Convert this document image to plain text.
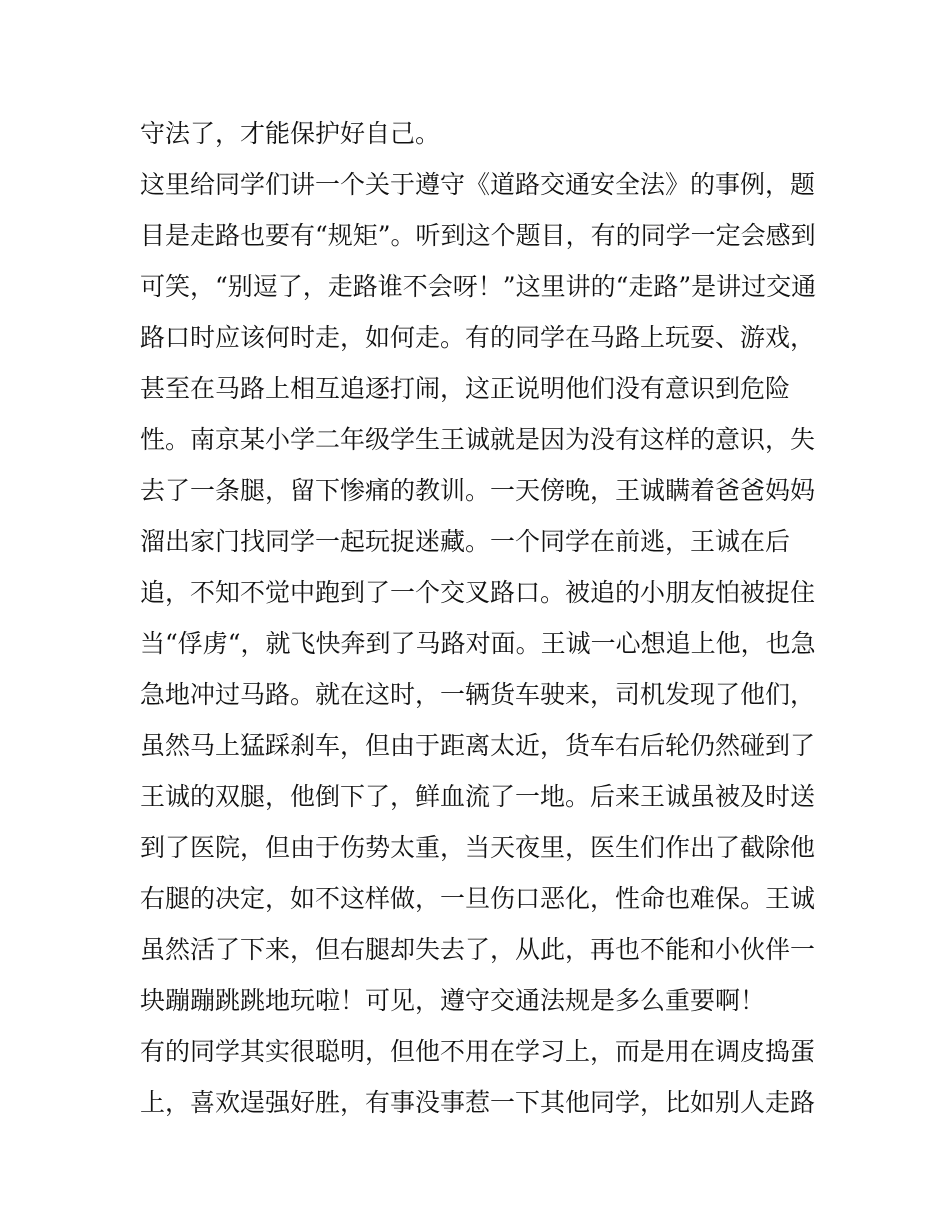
守法了，才能保护好自己。
这里给同学们讲一个关于遵守《道路交通安全法》的事例，题
目是走路也要有“规矩”。听到这个题目，有的同学一定会感到
可笑，“别逗了，走路谁不会呀！”这里讲的“走路”是讲过交通
路口时应该何时走，如何走。有的同学在马路上玩耍、游戏，
甚至在马路上相互追逐打闹，这正说明他们没有意识到危险
性。南京某小学二年级学生王诚就是因为没有这样的意识，失
去了一条腿，留下惨痛的教训。一天傍晚，王诚瞒着爸爸妈妈
溜出家门找同学一起玩捉迷藏。一个同学在前逃，王诚在后
追，不知不觉中跑到了一个交叉路口。被追的小朋友怕被捉住
当“俘虏“，就飞快奔到了马路对面。王诚一心想追上他，也急
急地冲过马路。就在这时，一辆货车驶来，司机发现了他们，
虽然马上猛踩刹车，但由于距离太近，货车右后轮仍然碰到了
王诚的双腿，他倒下了，鲜血流了一地。后来王诚虽被及时送
到了医院，但由于伤势太重，当天夜里，医生们作出了截除他
右腿的决定，如不这样做，一旦伤口恶化，性命也难保。王诚
虽然活了下来，但右腿却失去了，从此，再也不能和小伙伴一
块蹦蹦跳跳地玩啦！可见，遵守交通法规是多么重要啊！
有的同学其实很聪明，但他不用在学习上，而是用在调皮捣蛋
上，喜欢逞强好胜，有事没事惹一下其他同学，比如别人走路
